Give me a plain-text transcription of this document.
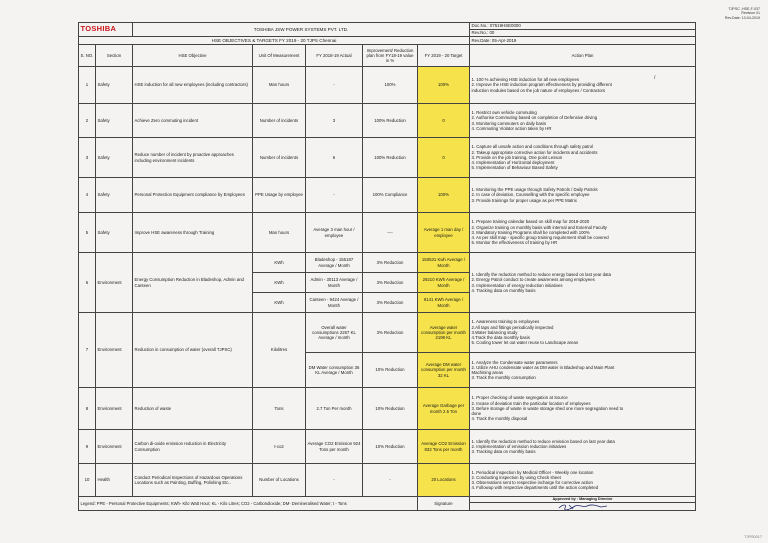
TJPSC -HSE-F-037
Revision 01
Rev.Date: 13-04-2019
TOSHIBA		TOSHIBA JSW POWER SYSTEMS PVT. LTD.					Doc.No.: 07519HSE0000
							Rev.No.: 00
HSE OBJECTIVES & TARGETS FY 2019 - 20 TJPS Chennai							Rev.Date: 05-Apr-2019
S. NO.	Section	HSE Objective	Unit Of Measurement	FY 2018-19 Actual	Improvement/ Reduction plan from FY18-19 value in %	FY 2019 - 20 Target	Action Plan
1	Safety	HSE induction for all new employees (including contractors)	Man hours	-	100%	100%	1. 100 % achieving HSE induction for all new employees
2. Improve the HSE induction program effectiveness by providing different
induction modules based on the job nature of employees / Contractors

2	Safety	Achieve Zero commuting incident	Number of incidents	3	100% Reduction	0	1. Restrict own vehicle commuting
2. Authorise Commuting based on completion of Defensive driving
3. Monitoring commuters on daily basis
4. Commuting Violator action taken by HR

3	Safety	Reduce number of incident by proactive approaches including environment incidents	Number of incidents	6	100% Reduction	0	1. Capture all unsafe action and conditions through safety patrol
2. Takeup appropriate corrective action for incidents and accidents
3. Provide on the job training, One point Lesson
4. Implementation of Horizontal deployment
5. Implementation of Behaviour Based Safety

4	Safety	Personal Protection Equipment compliance by Employees	PPE Usage by employee	-	100% Compliance	100%	1. Monitoring the PPE usage through Safety Patrols / Daily Patrols
2. In case of deviation, Counselling with the specific employee
3. Provide trainings for proper usage as per PPE Matrix

5	Safety	Improve HSE awareness through Training	Man hours	Average 3 man hour / employee	----	Average 1 man day / employee	1. Prepare training calendar based on skill map for 2019-2020
2. Organize training on monthly basis with internal and External Faculty
3. Mandatory training Programs shall be completed with 100%
4. As per skill map - specific group training requirement shall be covered
5. Monitor the effectiveness of training by HR

6	Environment	Energy Consumption Reduction in Bladeshop, Admin and Canteen	KWh	Bladeshop - 155187 Average / Month	3% Reduction	150531 Kwh Average / Month	1. Identify the reduction method to reduce energy based on last year data
2. Energy Patrol conduct to create awareness among employees
3. Implementation of energy reduction initiatives
4. Tracking data on monthly basis

			KWh	Admin - 30113 Average / Month	3% Reduction	29210 KWh Average / Month	
			KWh	Canteen - 9424 Average / Month	3% Reduction	9141 KWh Average / Month	
7	Environment	Reduction in consumption of water (overall TJPSC)	Kilolitres	Overall water consumptions 2267 KL Average / month	3% Reduction	Average water consumption per month 2199 KL	1. Awareness training to employees
2.All taps and fittings periodically inspected
3.Water balancing study
4.Track the data monthly basis
5. Cooling tower let out water reuse to Landscape areas

				DM Water consumption 36 KL Average / Month	10% Reduction	Average DM water consumption per month 32 KL	1. Analyze the Condensate water parameters
2. Utilize AHU condensate water as DM water in Bladeshop and Main Plant
Machining areas
3. Track the monthly consumption

8	Environment	Reduction of waste	Tons	2.7 Ton Per month	10% Reduction	Average Garbage per month 2.5 Ton	1. Proper checking of waste segregation at Source
2. Incase of deviation train the particular location of employees
3. Before storage of waste in waste storage shed one more segregation need to
done
4. Track the monthly disposal

9	Environment	Carbon di-oxide emission reduction in Electricity Consumption	t-co2	Average CO2 Emission 924 Tons per month	10% Reduction	Average CO2 Emission 832 Tons per month	1. Identify the reduction method to reduce emission based on last year data
2. Implementation of emission reduction initiatives
3. Tracking data on monthly basis

10	Health	Conduct Periodical Inspections of Hazardous Operations Locations such as Painting, Buffing, Polishing Etc..	Number of Locations	-	-	20 Locations	1. Periodical inspection by Medical Officer - Weekly one location
2. Conducting inspection by using Check sheet
3. Observations sent to respective incharge for corrective action
4. Followup with respective departments until the action completed

Legend: PPE - Personal Protective Equipments; KWh- Kilo Watt Hour; KL - Kilo Litres; CO2 - Carbondioxide; DM- Demineralised Water; t - Tons						Signature	Approved by : Managing Director
/
TJPS0017
